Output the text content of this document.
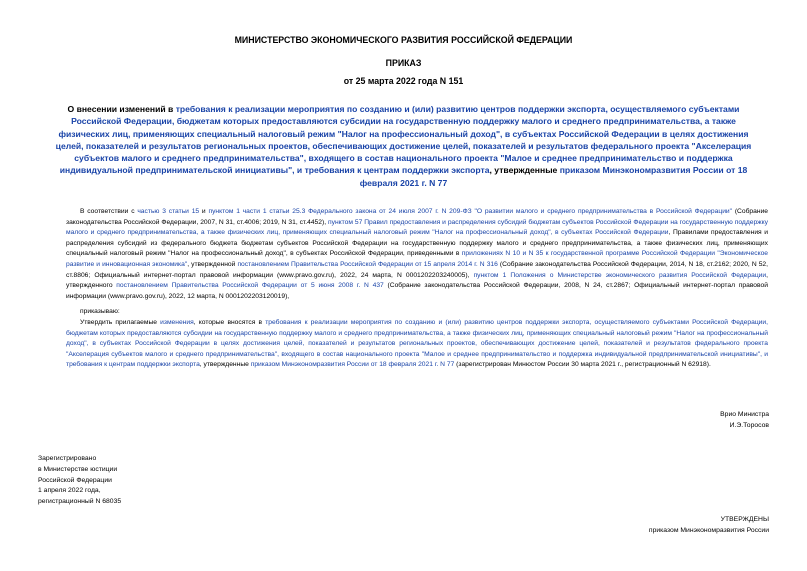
МИНИСТЕРСТВО ЭКОНОМИЧЕСКОГО РАЗВИТИЯ РОССИЙСКОЙ ФЕДЕРАЦИИ
ПРИКАЗ
от 25 марта 2022 года N 151
О внесении изменений в требования к реализации мероприятия по созданию и (или) развитию центров поддержки экспорта, осуществляемого субъектами Российской Федерации, бюджетам которых предоставляются субсидии на государственную поддержку малого и среднего предпринимательства, а также физических лиц, применяющих специальный налоговый режим "Налог на профессиональный доход", в субъектах Российской Федерации в целях достижения целей, показателей и результатов региональных проектов, обеспечивающих достижение целей, показателей и результатов федерального проекта "Акселерация субъектов малого и среднего предпринимательства", входящего в состав национального проекта "Малое и среднее предпринимательство и поддержка индивидуальной предпринимательской инициативы", и требования к центрам поддержки экспорта, утвержденные приказом Минэкономразвития России от 18 февраля 2021 г. N 77
В соответствии с частью 3 статьи 15 и пунктом 1 части 1 статьи 25.3 Федерального закона от 24 июля 2007 г. N 209-ФЗ "О развитии малого и среднего предпринимательства в Российской Федерации" (Собрание законодательства Российской Федерации, 2007, N 31, ст.4006; 2019, N 31, ст.4452), пунктом 57 Правил предоставления и распределения субсидий бюджетам субъектов Российской Федерации на государственную поддержку малого и среднего предпринимательства, а также физических лиц, применяющих специальный налоговый режим "Налог на профессиональный доход", в субъектах Российской Федерации, Правилами предоставления и распределения субсидий из федерального бюджета бюджетам субъектов Российской Федерации на государственную поддержку малого и среднего предпринимательства, а также физических лиц, применяющих специальный налоговый режим "Налог на профессиональный доход", в субъектах Российской Федерации, приведенными в приложениях N 10 и N 35 к государственной программе Российской Федерации "Экономическое развитие и инновационная экономика", утвержденной постановлением Правительства Российской Федерации от 15 апреля 2014 г. N 316 (Собрание законодательства Российской Федерации, 2014, N 18, ст.2162; 2020, N 52, ст.8806; Официальный интернет-портал правовой информации (www.pravo.gov.ru), 2022, 24 марта, N 0001202203240005), пунктом 1 Положения о Министерстве экономического развития Российской Федерации, утвержденного постановлением Правительства Российской Федерации от 5 июня 2008 г. N 437 (Собрание законодательства Российской Федерации, 2008, N 24, ст.2867; Официальный интернет-портал правовой информации (www.pravo.gov.ru), 2022, 12 марта, N 0001202203120019),
приказываю:
Утвердить прилагаемые изменения, которые вносятся в требования к реализации мероприятия по созданию и (или) развитию центров поддержки экспорта, осуществляемого субъектами Российской Федерации, бюджетам которых предоставляются субсидии на государственную поддержку малого и среднего предпринимательства, а также физических лиц, применяющих специальный налоговый режим "Налог на профессиональный доход", в субъектах Российской Федерации в целях достижения целей, показателей и результатов региональных проектов, обеспечивающих достижение целей, показателей и результатов федерального проекта "Акселерация субъектов малого и среднего предпринимательства", входящего в состав национального проекта "Малое и среднее предпринимательство и поддержка индивидуальной предпринимательской инициативы", и требования к центрам поддержки экспорта, утвержденные приказом Минэкономразвития России от 18 февраля 2021 г. N 77 (зарегистрирован Минюстом России 30 марта 2021 г., регистрационный N 62918).
Врио Министра
И.Э.Торосов
Зарегистрировано
в Министерстве юстиции
Российской Федерации
1 апреля 2022 года,
регистрационный N 68035
УТВЕРЖДЕНЫ
приказом Минэкономразвития России
